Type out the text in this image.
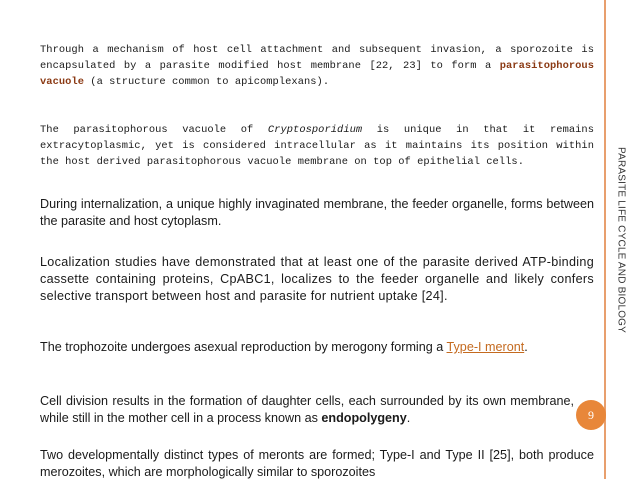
PARASITE LIFE CYCLE AND BIOLOGY
Through a mechanism of host cell attachment and subsequent invasion, a sporozoite is encapsulated by a parasite modified host membrane [22, 23] to form a parasitophorous vacuole (a structure common to apicomplexans).
The parasitophorous vacuole of Cryptosporidium is unique in that it remains extracytoplasmic, yet is considered intracellular as it maintains its position within the host derived parasitophorous vacuole membrane on top of epithelial cells.
During internalization, a unique highly invaginated membrane, the feeder organelle, forms between the parasite and host cytoplasm.
Localization studies have demonstrated that at least one of the parasite derived ATP-binding cassette containing proteins, CpABC1, localizes to the feeder organelle and likely confers selective transport between host and parasite for nutrient uptake [24].
The trophozoite undergoes asexual reproduction by merogony forming a Type-I meront.
Cell division results in the formation of daughter cells, each surrounded by its own membrane, while still in the mother cell in a process known as endopolygeny.
Two developmentally distinct types of meronts are formed; Type-I and Type II [25], both produce merozoites, which are morphologically similar to sporozoites
9
